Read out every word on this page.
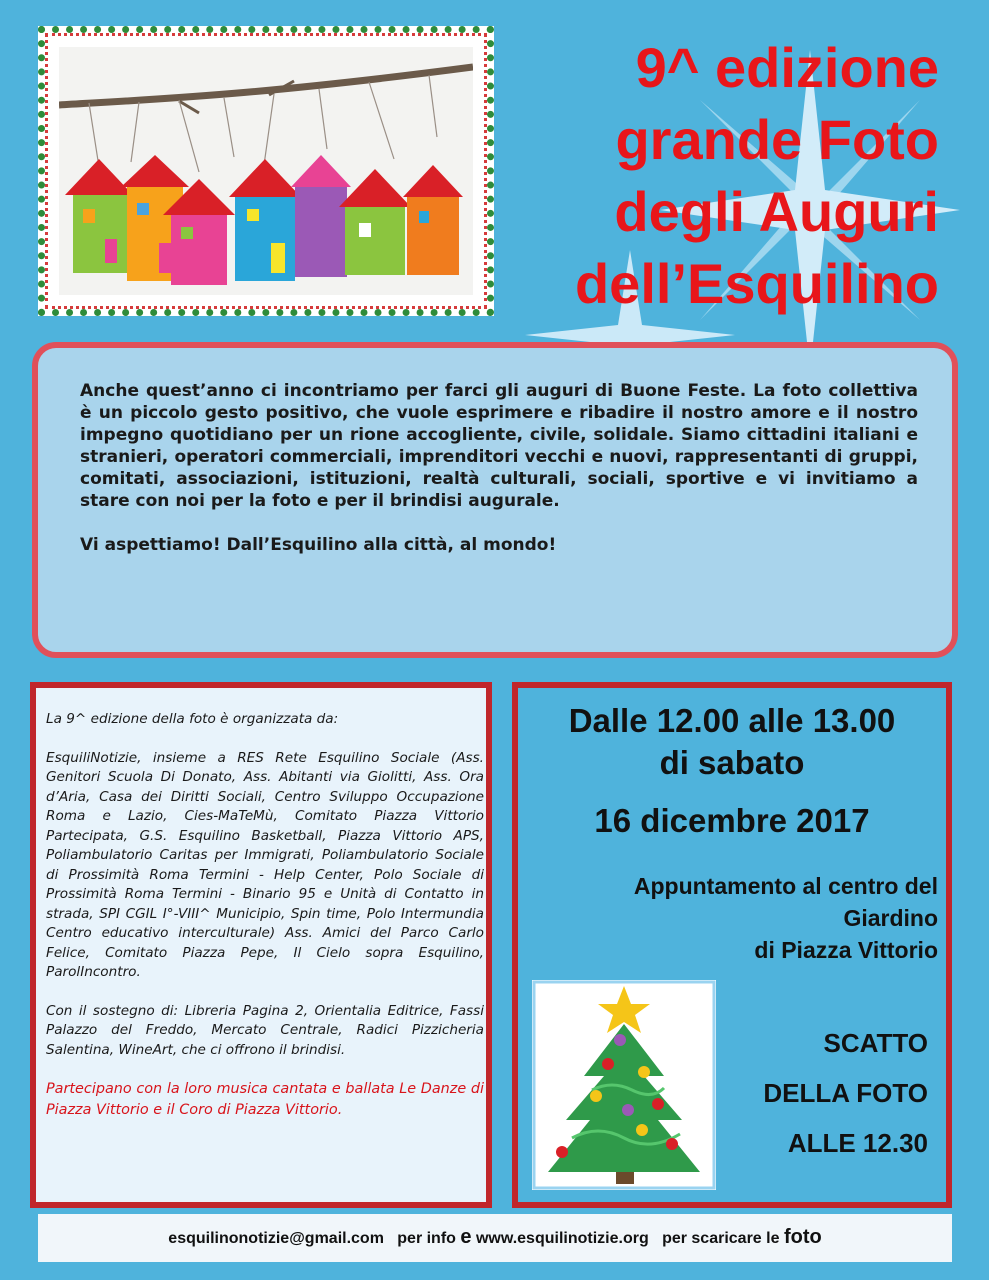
9^ edizione
grande Foto
degli Auguri
dell’Esquilino

Anche quest’anno ci incontriamo per farci gli auguri di Buone Feste. La foto collettiva è un piccolo gesto positivo, che vuole esprimere e ribadire il nostro amore e il nostro impegno quotidiano per un rione accogliente, civile, solidale. Siamo cittadini italiani e stranieri, operatori commerciali, imprenditori vecchi e nuovi, rappresentanti di gruppi, comitati, associazioni, istituzioni, realtà culturali, sociali, sportive e vi invitiamo a stare con noi per la foto e per il brindisi augurale.

Vi aspettiamo! Dall’Esquilino alla città, al mondo!

La 9^ edizione della foto è organizzata da:

EsquiliNotizie, insieme a RES Rete Esquilino Sociale (Ass. Genitori Scuola Di Donato, Ass. Abitanti via Giolitti, Ass. Ora d’Aria, Casa dei Diritti Sociali, Centro Sviluppo Occupazione Roma e Lazio, Cies-MaTeMù, Comitato Piazza Vittorio Partecipata, G.S. Esquilino Basketball, Piazza Vittorio APS, Poliambulatorio Caritas per Immigrati, Poliambulatorio Sociale di Prossimità Roma Termini - Help Center, Polo Sociale di Prossimità Roma Termini - Binario 95 e Unità di Contatto in strada, SPI CGIL I°-VIII^ Municipio, Spin time, Polo Intermundia Centro educativo interculturale) Ass. Amici del Parco Carlo Felice, Comitato Piazza Pepe, Il Cielo sopra Esquilino, ParolIncontro.

Con il sostegno di: Libreria Pagina 2, Orientalia Editrice, Fassi Palazzo del Freddo, Mercato Centrale, Radici Pizzicheria Salentina, WineArt, che ci offrono il brindisi.

Partecipano con la loro musica cantata e ballata Le Danze di Piazza Vittorio e il Coro di Piazza Vittorio.

Dalle 12.00 alle 13.00
di sabato
16 dicembre 2017
Appuntamento al centro del
Giardino
di Piazza Vittorio
SCATTO
DELLA FOTO
ALLE 12.30
esquilinonotizie@gmail.com per info e www.esquilinotizie.org per scaricare le foto
